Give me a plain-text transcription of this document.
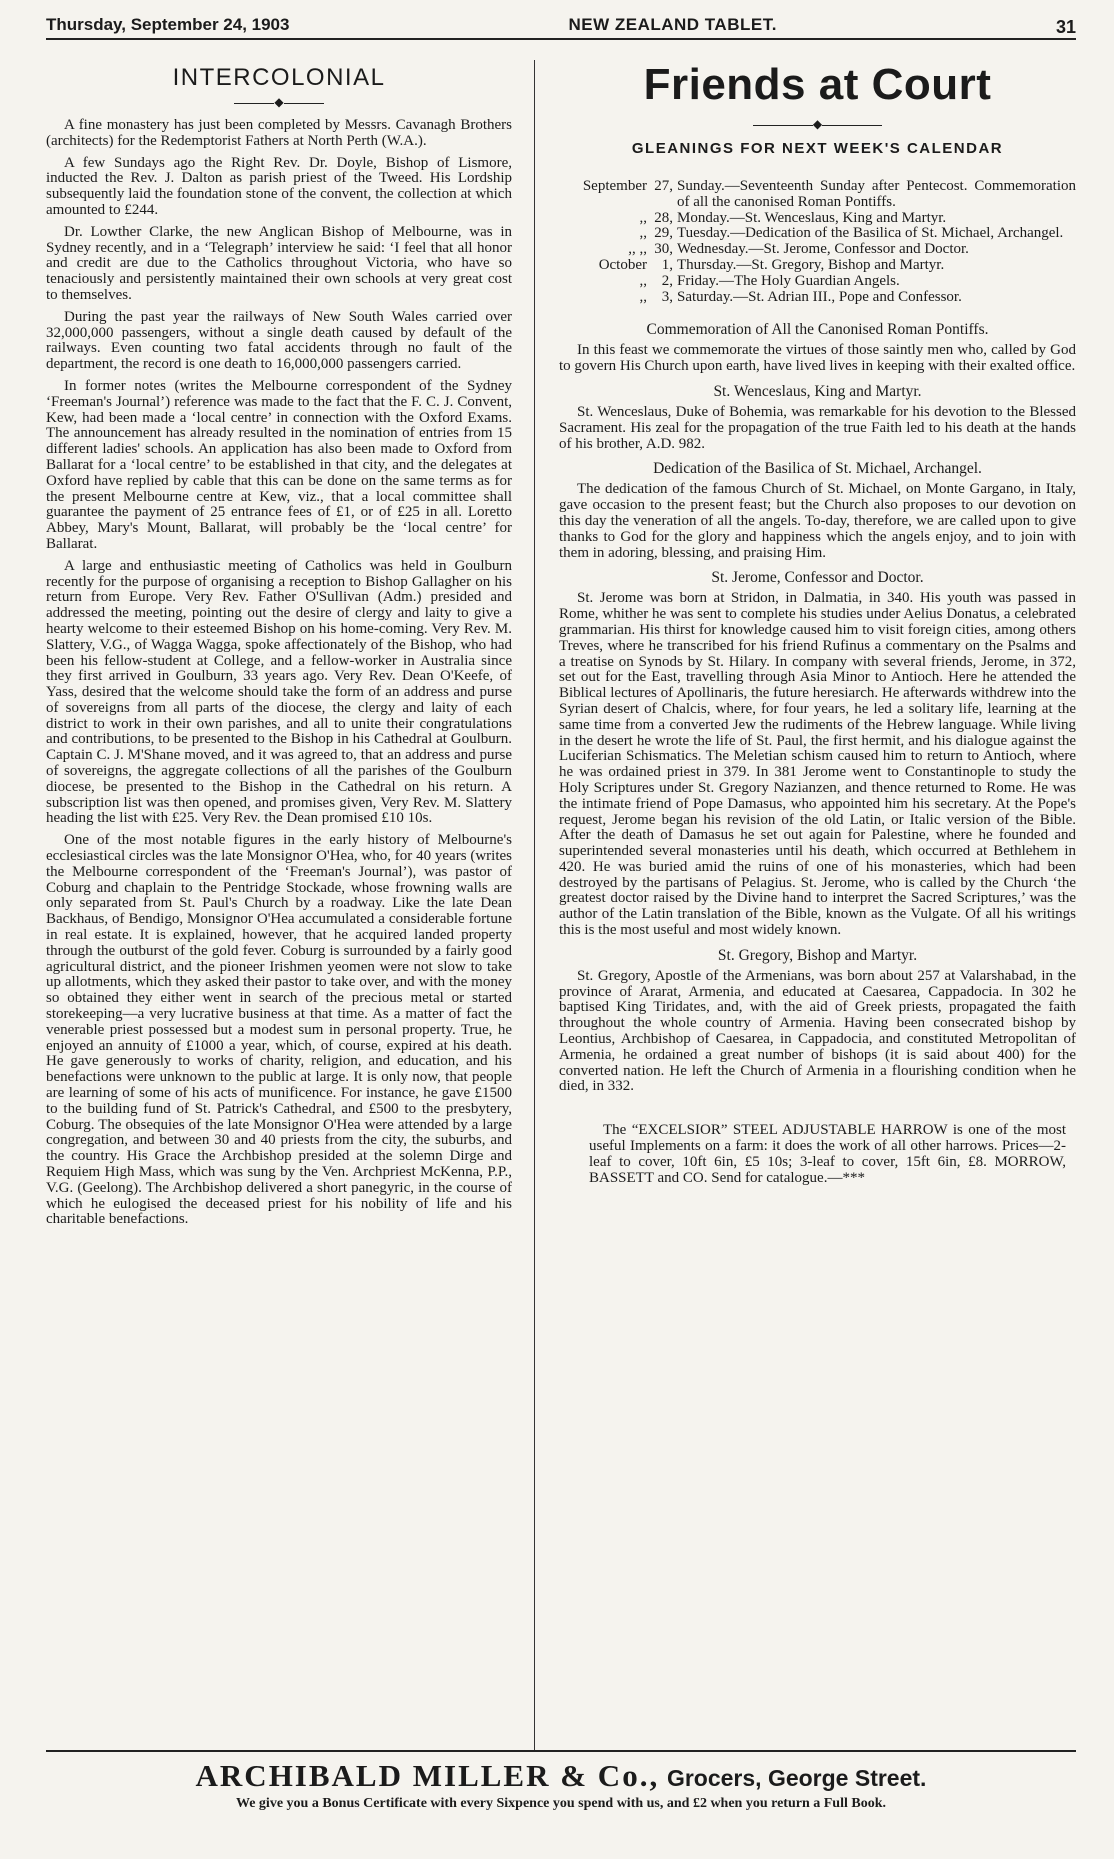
Thursday, September 24, 1903	NEW ZEALAND TABLET.	31
INTERCOLONIAL
◆

A fine monastery has just been completed by Messrs. Cavanagh Brothers (architects) for the Redemptorist Fathers at North Perth (W.A.).

A few Sundays ago the Right Rev. Dr. Doyle, Bishop of Lismore, inducted the Rev. J. Dalton as parish priest of the Tweed. His Lordship subsequently laid the foundation stone of the convent, the collection at which amounted to £244.

Dr. Lowther Clarke, the new Anglican Bishop of Melbourne, was in Sydney recently, and in a ‘Telegraph’ interview he said: ‘I feel that all honor and credit are due to the Catholics throughout Victoria, who have so tenaciously and persistently maintained their own schools at very great cost to themselves.

During the past year the railways of New South Wales carried over 32,000,000 passengers, without a single death caused by default of the railways. Even counting two fatal accidents through no fault of the department, the record is one death to 16,000,000 passengers carried.

In former notes (writes the Melbourne correspondent of the Sydney ‘Freeman's Journal’) reference was made to the fact that the F. C. J. Convent, Kew, had been made a ‘local centre’ in connection with the Oxford Exams. The announcement has already resulted in the nomination of entries from 15 different ladies' schools. An application has also been made to Oxford from Ballarat for a ‘local centre’ to be established in that city, and the delegates at Oxford have replied by cable that this can be done on the same terms as for the present Melbourne centre at Kew, viz., that a local committee shall guarantee the payment of 25 entrance fees of £1, or of £25 in all. Loretto Abbey, Mary's Mount, Ballarat, will probably be the ‘local centre’ for Ballarat.

A large and enthusiastic meeting of Catholics was held in Goulburn recently for the purpose of organising a reception to Bishop Gallagher on his return from Europe. Very Rev. Father O'Sullivan (Adm.) presided and addressed the meeting, pointing out the desire of clergy and laity to give a hearty welcome to their esteemed Bishop on his home-coming. Very Rev. M. Slattery, V.G., of Wagga Wagga, spoke affectionately of the Bishop, who had been his fellow-student at College, and a fellow-worker in Australia since they first arrived in Goulburn, 33 years ago. Very Rev. Dean O'Keefe, of Yass, desired that the welcome should take the form of an address and purse of sovereigns from all parts of the diocese, the clergy and laity of each district to work in their own parishes, and all to unite their congratulations and contributions, to be presented to the Bishop in his Cathedral at Goulburn. Captain C. J. M'Shane moved, and it was agreed to, that an address and purse of sovereigns, the aggregate collections of all the parishes of the Goulburn diocese, be presented to the Bishop in the Cathedral on his return. A subscription list was then opened, and promises given, Very Rev. M. Slattery heading the list with £25. Very Rev. the Dean promised £10 10s.

One of the most notable figures in the early history of Melbourne's ecclesiastical circles was the late Monsignor O'Hea, who, for 40 years (writes the Melbourne correspondent of the ‘Freeman's Journal’), was pastor of Coburg and chaplain to the Pentridge Stockade, whose frowning walls are only separated from St. Paul's Church by a roadway. Like the late Dean Backhaus, of Bendigo, Monsignor O'Hea accumulated a considerable fortune in real estate. It is explained, however, that he acquired landed property through the outburst of the gold fever. Coburg is surrounded by a fairly good agricultural district, and the pioneer Irishmen yeomen were not slow to take up allotments, which they asked their pastor to take over, and with the money so obtained they either went in search of the precious metal or started storekeeping—a very lucrative business at that time. As a matter of fact the venerable priest possessed but a modest sum in personal property. True, he enjoyed an annuity of £1000 a year, which, of course, expired at his death. He gave generously to works of charity, religion, and education, and his benefactions were unknown to the public at large. It is only now, that people are learning of some of his acts of munificence. For instance, he gave £1500 to the building fund of St. Patrick's Cathedral, and £500 to the presbytery, Coburg. The obsequies of the late Monsignor O'Hea were attended by a large congregation, and between 30 and 40 priests from the city, the suburbs, and the country. His Grace the Archbishop presided at the solemn Dirge and Requiem High Mass, which was sung by the Ven. Archpriest McKenna, P.P., V.G. (Geelong). The Archbishop delivered a short panegyric, in the course of which he eulogised the deceased priest for his nobility of life and his charitable benefactions.

Friends at Court
◆
GLEANINGS FOR NEXT WEEK'S CALENDAR
September	27,	Sunday.—Seventeenth Sunday after Pentecost. Commemoration of all the canonised Roman Pontiffs.
,,	28,	Monday.—St. Wenceslaus, King and Martyr.
,,	29,	Tuesday.—Dedication of the Basilica of St. Michael, Archangel.
,, ,,	30,	Wednesday.—St. Jerome, Confessor and Doctor.
October	1,	Thursday.—St. Gregory, Bishop and Martyr.
,,	2,	Friday.—The Holy Guardian Angels.
,,	3,	Saturday.—St. Adrian III., Pope and Confessor.
Commemoration of All the Canonised Roman Pontiffs.

In this feast we commemorate the virtues of those saintly men who, called by God to govern His Church upon earth, have lived lives in keeping with their exalted office.

St. Wenceslaus, King and Martyr.

St. Wenceslaus, Duke of Bohemia, was remarkable for his devotion to the Blessed Sacrament. His zeal for the propagation of the true Faith led to his death at the hands of his brother, A.D. 982.

Dedication of the Basilica of St. Michael, Archangel.

The dedication of the famous Church of St. Michael, on Monte Gargano, in Italy, gave occasion to the present feast; but the Church also proposes to our devotion on this day the veneration of all the angels. To-day, therefore, we are called upon to give thanks to God for the glory and happiness which the angels enjoy, and to join with them in adoring, blessing, and praising Him.

St. Jerome, Confessor and Doctor.

St. Jerome was born at Stridon, in Dalmatia, in 340. His youth was passed in Rome, whither he was sent to complete his studies under Aelius Donatus, a celebrated grammarian. His thirst for knowledge caused him to visit foreign cities, among others Treves, where he transcribed for his friend Rufinus a commentary on the Psalms and a treatise on Synods by St. Hilary. In company with several friends, Jerome, in 372, set out for the East, travelling through Asia Minor to Antioch. Here he attended the Biblical lectures of Apollinaris, the future heresiarch. He afterwards withdrew into the Syrian desert of Chalcis, where, for four years, he led a solitary life, learning at the same time from a converted Jew the rudiments of the Hebrew language. While living in the desert he wrote the life of St. Paul, the first hermit, and his dialogue against the Luciferian Schismatics. The Meletian schism caused him to return to Antioch, where he was ordained priest in 379. In 381 Jerome went to Constantinople to study the Holy Scriptures under St. Gregory Nazianzen, and thence returned to Rome. He was the intimate friend of Pope Damasus, who appointed him his secretary. At the Pope's request, Jerome began his revision of the old Latin, or Italic version of the Bible. After the death of Damasus he set out again for Palestine, where he founded and superintended several monasteries until his death, which occurred at Bethlehem in 420. He was buried amid the ruins of one of his monasteries, which had been destroyed by the partisans of Pelagius. St. Jerome, who is called by the Church ‘the greatest doctor raised by the Divine hand to interpret the Sacred Scriptures,’ was the author of the Latin translation of the Bible, known as the Vulgate. Of all his writings this is the most useful and most widely known.

St. Gregory, Bishop and Martyr.

St. Gregory, Apostle of the Armenians, was born about 257 at Valarshabad, in the province of Ararat, Armenia, and educated at Caesarea, Cappadocia. In 302 he baptised King Tiridates, and, with the aid of Greek priests, propagated the faith throughout the whole country of Armenia. Having been consecrated bishop by Leontius, Archbishop of Caesarea, in Cappadocia, and constituted Metropolitan of Armenia, he ordained a great number of bishops (it is said about 400) for the converted nation. He left the Church of Armenia in a flourishing condition when he died, in 332.

The “EXCELSIOR” STEEL ADJUSTABLE HARROW is one of the most useful Implements on a farm: it does the work of all other harrows. Prices—2-leaf to cover, 10ft 6in, £5 10s; 3-leaf to cover, 15ft 6in, £8. MORROW, BASSETT and CO. Send for catalogue.—***
ARCHIBALD MILLER & Co., Grocers, George Street.
We give you a Bonus Certificate with every Sixpence you spend with us, and £2 when you return a Full Book.
